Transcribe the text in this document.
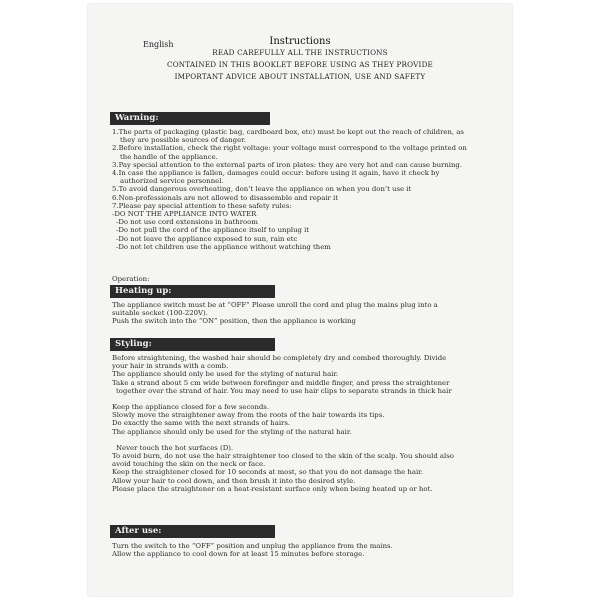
English	Instructions
READ CAREFULLY ALL THE INSTRUCTIONS
CONTAINED IN THIS BOOKLET BEFORE USING AS THEY PROVIDE
IMPORTANT ADVICE ABOUT INSTALLATION, USE AND SAFETY
Warning:
1.The parts of packaging (plastic bag, cardboard box, etc) must be kept out the reach of children, as
they are possible sources of danger.
2.Before installation, check the right voltage: your voltage must correspond to the voltage printed on
the handle of the appliance.
3.Pay special attention to the external parts of iron plates: they are very hot and can cause burning.
4.In case the appliance is fallen, damages could occur: before using it again, have it check by
authorized service personnel.
5.To avoid dangerous overheating, don’t leave the appliance on when you don’t use it
6.Non-professionals are not allowed to disassemble and repair it
7.Please pay special attention to these safety rules:
-DO NOT THE APPLIANCE INTO WATER
-Do not use cord extensions in bathroom
-Do not pull the cord of the appliance itself to unplug it
-Do not leave the appliance exposed to sun, rain etc
-Do not let children use the appliance without watching them
Operation:
Heating up:
The appliance switch must be at “OFF” Please unroll the cord and plug the mains plug into a
suitable socket (100-220V).
Push the switch into the “ON” position, then the appliance is working
Styling:
Before straightening, the washed hair should be completely dry and combed thoroughly. Divide
your hair in strands with a comb.
The appliance should only be used for the styling of natural hair.
Take a strand about 5 cm wide between forefinger and middle finger, and press the straightener
together over the strand of hair. You may need to use hair clips to separate strands in thick hair
Keep the appliance closed for a few seconds.
Slowly move the straightener away from the roots of the hair towards its tips.
Do exactly the same with the next strands of hairs.
The appliance should only be used for the styling of the natural hair.
Never touch the hot surfaces (D).
To avoid burn, do not use the hair straightener too closed to the skin of the scalp. You should also
avoid touching the skin on the neck or face.
Keep the straightener closed for 10 seconds at most, so that you do not damage the hair.
Allow your hair to cool down, and then brush it into the desired style.
Please place the straightener on a heat-resistant surface only when being heated up or hot.
After use:
Turn the switch to the “OFF” position and unplug the appliance from the mains.
Allow the appliance to cool down for at least 15 minutes before storage.
